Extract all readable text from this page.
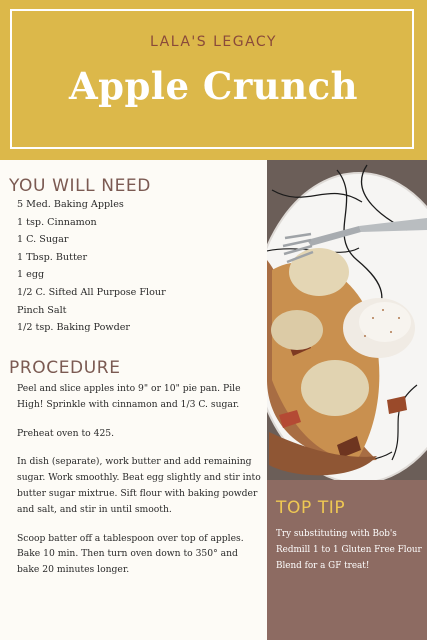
LALA'S LEGACY
Apple Crunch
YOU WILL NEED
5 Med. Baking Apples
1 tsp. Cinnamon
1 C. Sugar
1 Tbsp. Butter
1 egg
1/2 C. Sifted All Purpose Flour
Pinch Salt
1/2 tsp. Baking Powder
PROCEDURE

Peel and slice apples into 9" or 10" pie pan. Pile High! Sprinkle with cinnamon and 1/3 C. sugar.

Preheat oven to 425.

In dish (separate), work butter and add remaining sugar. Work smoothly. Beat egg slightly and stir into butter sugar mixtrue. Sift flour with baking powder and salt, and stir in until smooth.

Scoop batter off a tablespoon over top of apples. Bake 10 min. Then turn oven down to 350° and bake 20 minutes longer.

TOP TIP

Try substituting with Bob's Redmill 1 to 1 Gluten Free Flour Blend for a GF treat!
